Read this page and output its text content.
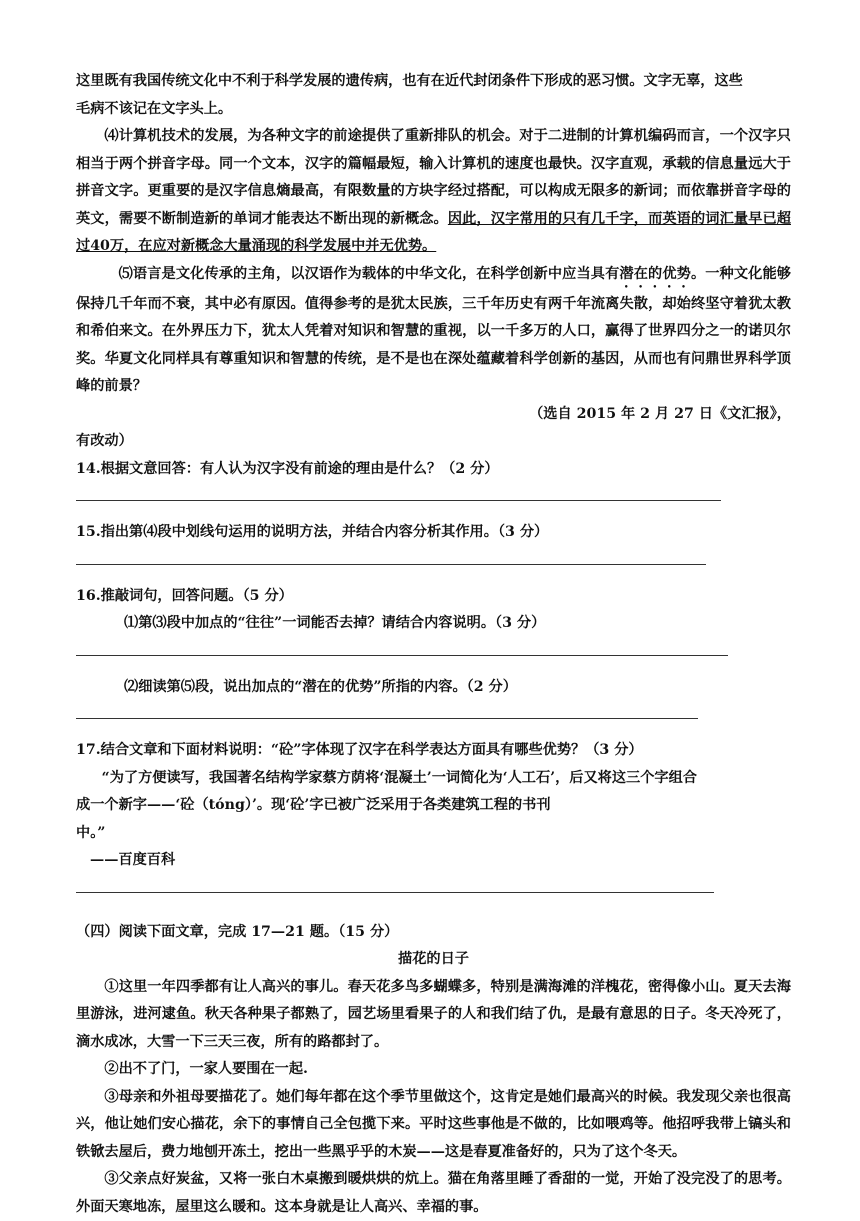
这里既有我国传统文化中不利于科学发展的遗传病，也有在近代封闭条件下形成的恶习惯。文字无辜，这些

毛病不该记在文字头上。

⑷计算机技术的发展，为各种文字的前途提供了重新排队的机会。对于二进制的计算机编码而言，一个汉字只相当于两个拼音字母。同一个文本，汉字的篇幅最短，输入计算机的速度也最快。汉字直观，承载的信息量远大于拼音文字。更重要的是汉字信息熵最高，有限数量的方块字经过搭配，可以构成无限多的新词；而依靠拼音字母的英文，需要不断制造新的单词才能表达不断出现的新概念。因此，汉字常用的只有几千字，而英语的词汇量早已超过40万，在应对新概念大量涌现的科学发展中并无优势。

⑸语言是文化传承的主角，以汉语作为载体的中华文化，在科学创新中应当具有潜在的优势。一种文化能够保持几千年而不衰，其中必有原因。值得参考的是犹太民族，三千年历史有两千年流离失散，却始终坚守着犹太教和希伯来文。在外界压力下，犹太人凭着对知识和智慧的重视，以一千多万的人口，赢得了世界四分之一的诺贝尔奖。华夏文化同样具有尊重知识和智慧的传统，是不是也在深处蕴藏着科学创新的基因，从而也有问鼎世界科学顶峰的前景？

（选自 2015 年 2 月 27 日《文汇报》，

有改动）

14.根据文意回答：有人认为汉字没有前途的理由是什么？（2 分）

15.指出第⑷段中划线句运用的说明方法，并结合内容分析其作用。（3 分）

16.推敲词句，回答问题。（5 分）

⑴第⑶段中加点的“往往”一词能否去掉？请结合内容说明。（3 分）

⑵细读第⑸段，说出加点的“潜在的优势”所指的内容。（2 分）

17.结合文章和下面材料说明：“砼”字体现了汉字在科学表达方面具有哪些优势？（3 分）

“为了方便读写，我国著名结构学家蔡方荫将‘混凝土’一词简化为‘人工石’，后又将这三个字组合

成一个新字——‘砼（tóng）’。现‘砼’字已被广泛采用于各类建筑工程的书刊

中。”

——百度百科

（四）阅读下面文章，完成 17—21 题。（15 分）

描花的日子

①这里一年四季都有让人高兴的事儿。春天花多鸟多蝴蝶多，特别是满海滩的洋槐花，密得像小山。夏天去海里游泳，进河逮鱼。秋天各种果子都熟了，园艺场里看果子的人和我们结了仇，是最有意思的日子。冬天冷死了，滴水成冰，大雪一下三天三夜，所有的路都封了。

②出不了门，一家人要围在一起.

③母亲和外祖母要描花了。她们每年都在这个季节里做这个，这肯定是她们最高兴的时候。我发现父亲也很高兴，他让她们安心描花，余下的事情自己全包揽下来。平时这些事他是不做的，比如喂鸡等。他招呼我带上镐头和铁锨去屋后，费力地刨开冻土，挖出一些黑乎乎的木炭——这是春夏准备好的，只为了这个冬天。

③父亲点好炭盆，又将一张白木桌搬到暖烘烘的炕上。猫在角落里睡了香甜的一觉，开始了没完没了的思考。外面天寒地冻，屋里这么暖和。这本身就是让人高兴、幸福的事。
